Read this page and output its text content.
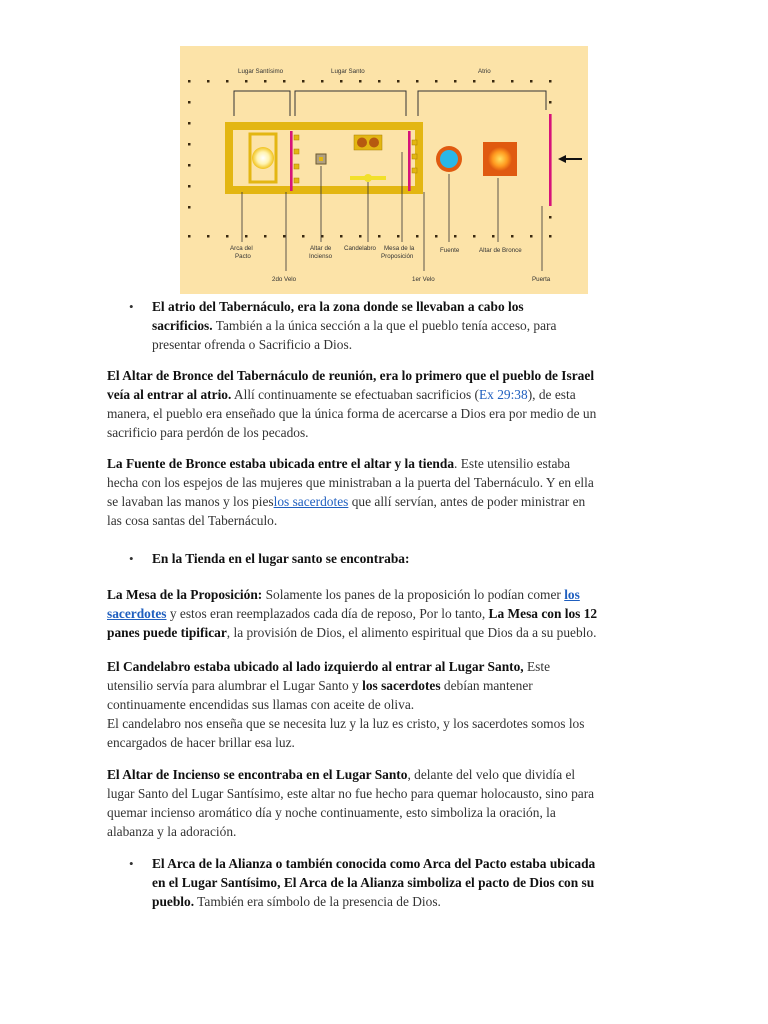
Lugar Santísimo	Lugar Santo	Atrio
Arca del
Pacto
2do Velo
Altar de
Incienso
Candelabro Mesa de la
Proposición
1er Velo
Fuente	Altar de Bronce
Puerta
• El atrio del Tabernáculo, era la zona donde se llevaban a cabo los
sacrificios. También a la única sección a la que el pueblo tenía acceso, para
presentar ofrenda o Sacrificio a Dios.
El Altar de Bronce del Tabernáculo de reunión, era lo primero que el pueblo de Israel
veía al entrar al atrio. Allí continuamente se efectuaban sacrificios (Ex 29:38), de esta
manera, el pueblo era enseñado que la única forma de acercarse a Dios era por medio de un
sacrificio para perdón de los pecados.
La Fuente de Bronce estaba ubicada entre el altar y la tienda. Este utensilio estaba
hecha con los espejos de las mujeres que ministraban a la puerta del Tabernáculo. Y en ella
se lavaban las manos y los pieslos sacerdotes que allí servían, antes de poder ministrar en
las cosa santas del Tabernáculo.
• En la Tienda en el lugar santo se encontraba:
La Mesa de la Proposición: Solamente los panes de la proposición lo podían comer los
sacerdotes y estos eran reemplazados cada día de reposo, Por lo tanto, La Mesa con los 12
panes puede tipificar, la provisión de Dios, el alimento espiritual que Dios da a su pueblo.
El Candelabro estaba ubicado al lado izquierdo al entrar al Lugar Santo, Este
utensilio servía para alumbrar el Lugar Santo y los sacerdotes debían mantener
continuamente encendidas sus llamas con aceite de oliva.
El candelabro nos enseña que se necesita luz y la luz es cristo, y los sacerdotes somos los
encargados de hacer brillar esa luz.
El Altar de Incienso se encontraba en el Lugar Santo, delante del velo que dividía el
lugar Santo del Lugar Santísimo, este altar no fue hecho para quemar holocausto, sino para
quemar incienso aromático día y noche continuamente, esto simboliza la oración, la
alabanza y la adoración.
• El Arca de la Alianza o también conocida como Arca del Pacto estaba ubicada
en el Lugar Santísimo, El Arca de la Alianza simboliza el pacto de Dios con su
pueblo. También era símbolo de la presencia de Dios.
